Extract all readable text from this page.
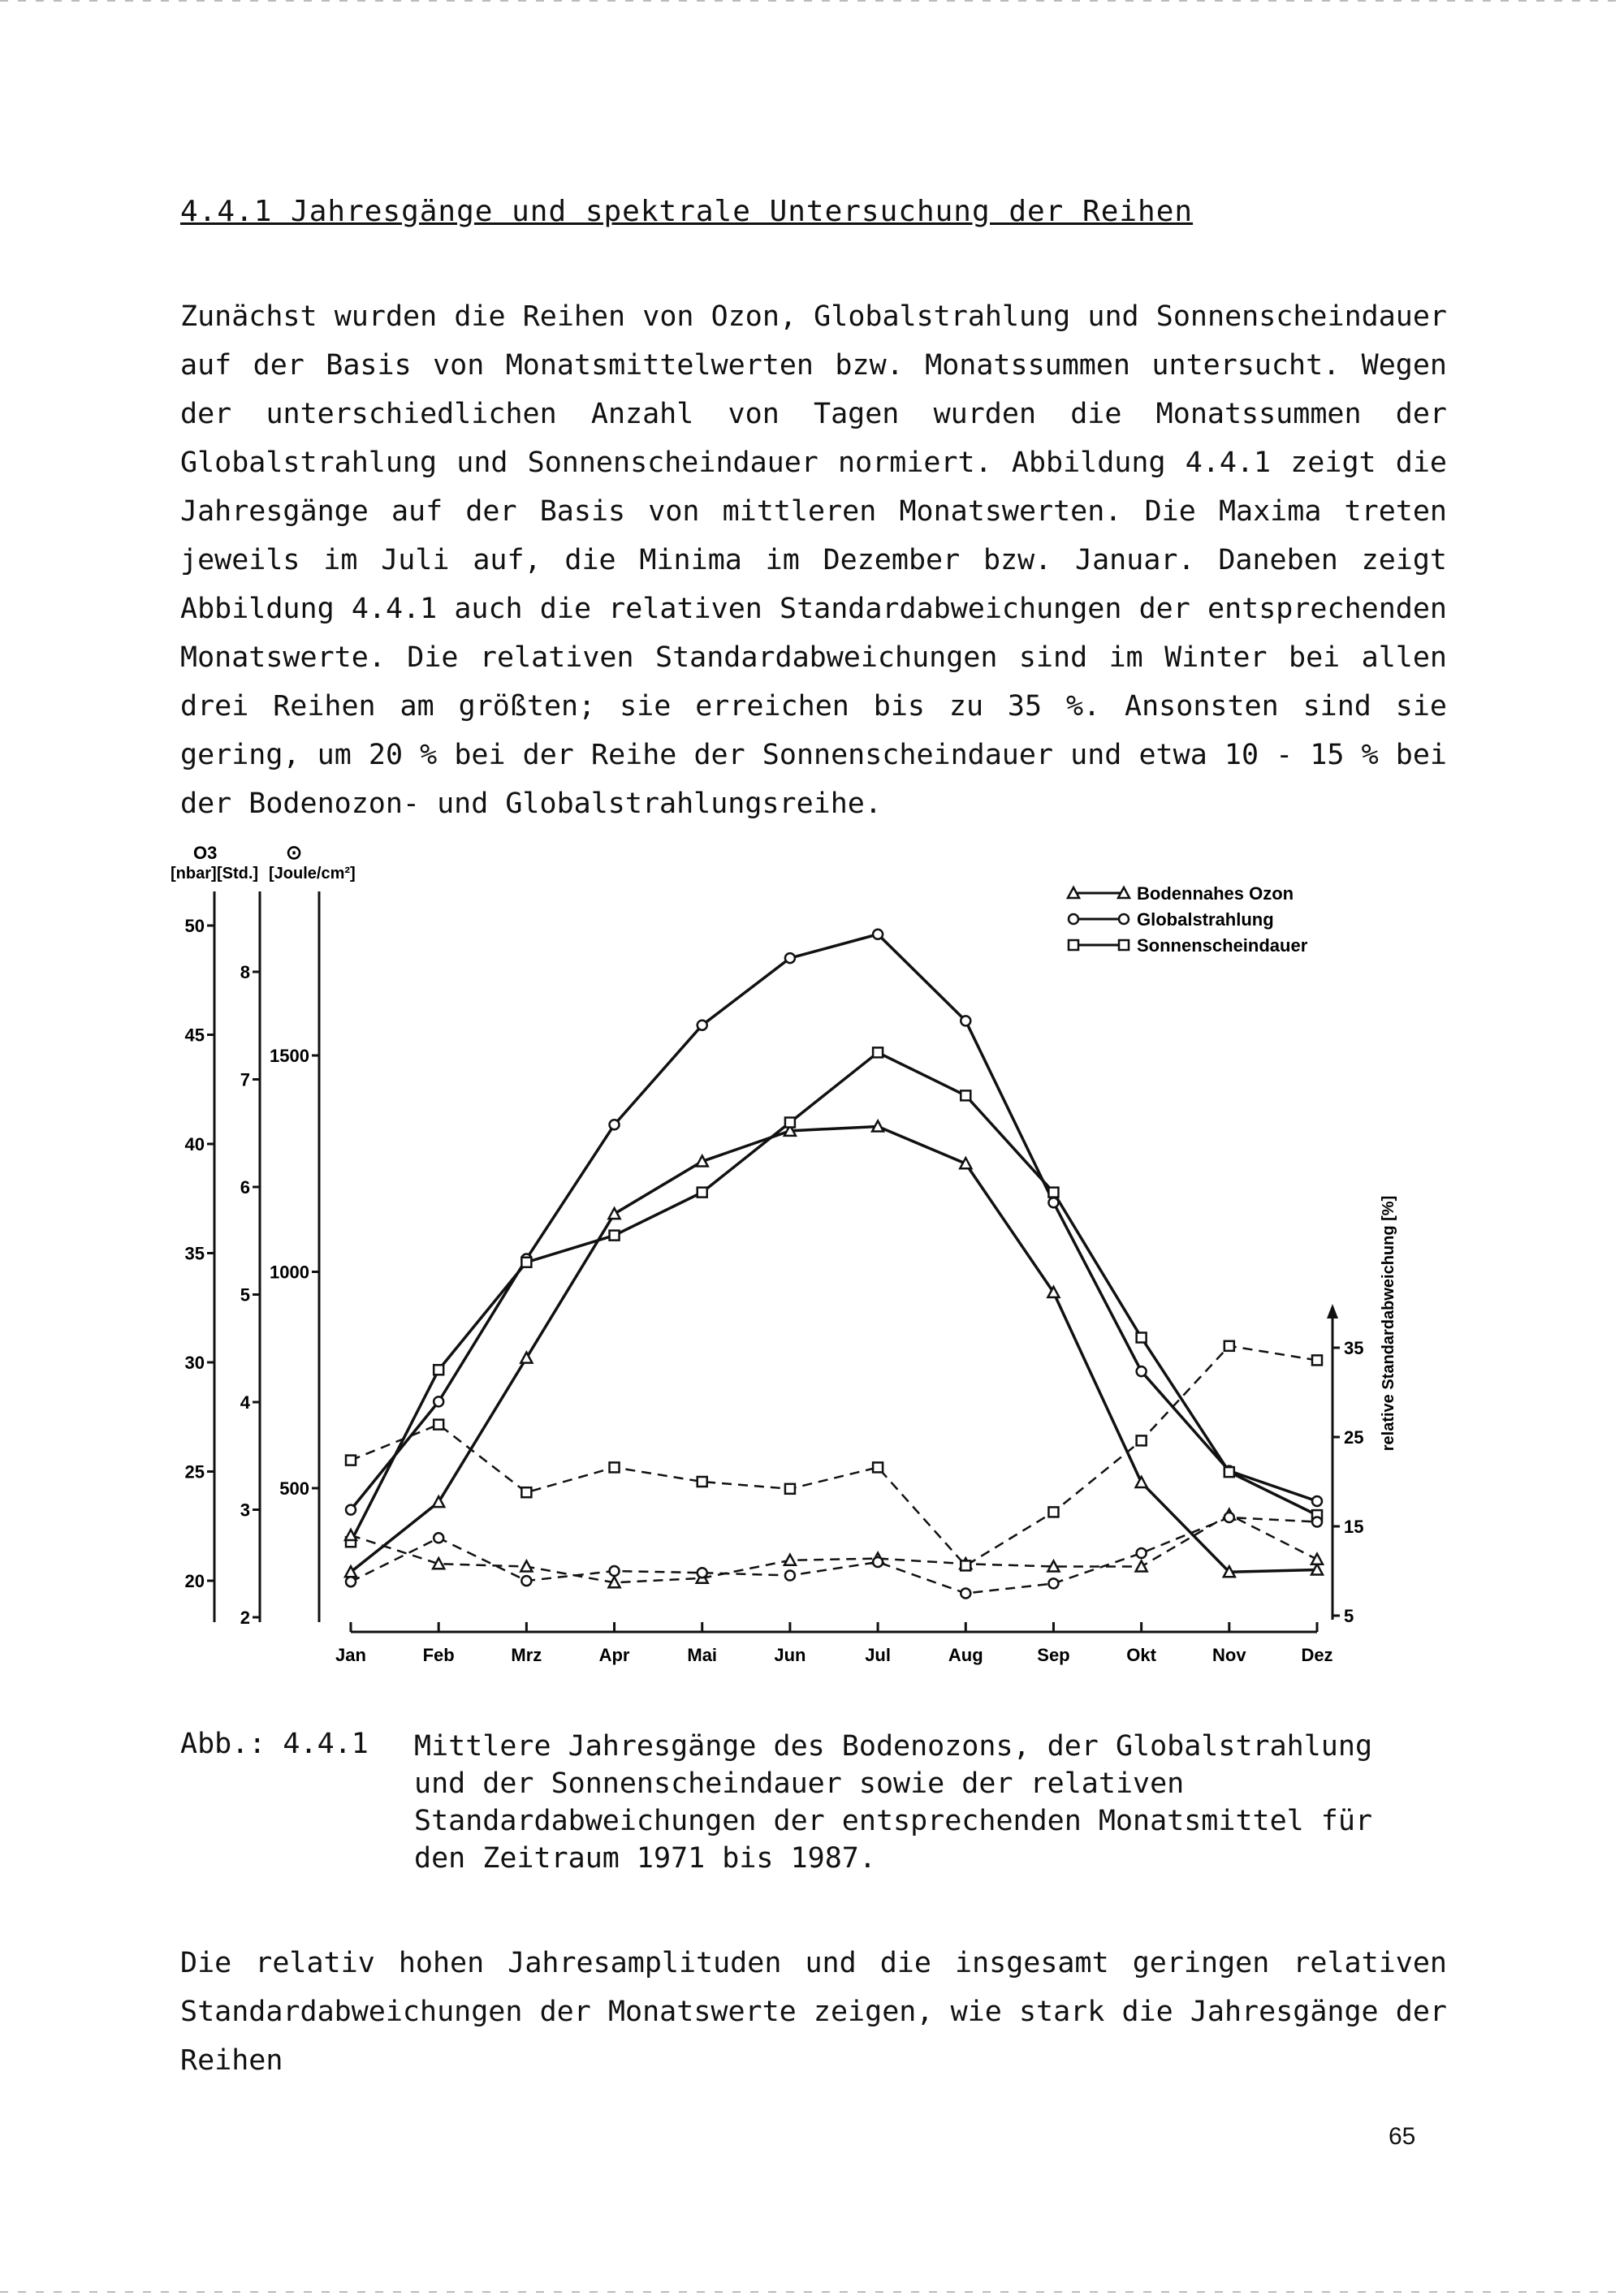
4.4.1 Jahresgänge und spektrale Untersuchung der Reihen

Zunächst wurden die Reihen von Ozon, Globalstrahlung und Sonnenscheindauer auf der Basis von Monatsmittelwerten bzw. Monatssummen untersucht. Wegen der unterschiedlichen Anzahl von Tagen wurden die Monatssummen der Globalstrahlung und Sonnenscheindauer normiert. Abbildung 4.4.1 zeigt die Jahresgänge auf der Basis von mittleren Monatswerten. Die Maxima treten jeweils im Juli auf, die Minima im Dezember bzw. Januar. Daneben zeigt Abbildung 4.4.1 auch die relativen Standardabweichungen der entsprechenden Monatswerte. Die relativen Standardabweichungen sind im Winter bei allen drei Reihen am größten; sie erreichen bis zu 35 %. Ansonsten sind sie gering, um 20 % bei der Reihe der Sonnenscheindauer und etwa 10 - 15 % bei der Bodenozon- und Globalstrahlungsreihe.

O3
[nbar] [Std.]
⊙
[Joule/cm²]
relative Standardabweichung [%]
20
25
30
35
40
45
50
2
3
4
5
6
7
8
500
1000
1500
5
15
25
35
Jan	Feb	Mrz	Apr	Mai	Jun	Jul	Aug	Sep	Okt	Nov	Dez
Bodennahes Ozon
Globalstrahlung
Sonnenscheindauer
Abb.: 4.4.1 Mittlere Jahresgänge des Bodenozons, der Globalstrahlung und der Sonnenscheindauer sowie der relativen Standardabweichungen der entsprechenden Monatsmittel für den Zeitraum 1971 bis 1987.

Die relativ hohen Jahresamplituden und die insgesamt geringen relativen Standardabweichungen der Monatswerte zeigen, wie stark die Jahresgänge der Reihen

65
